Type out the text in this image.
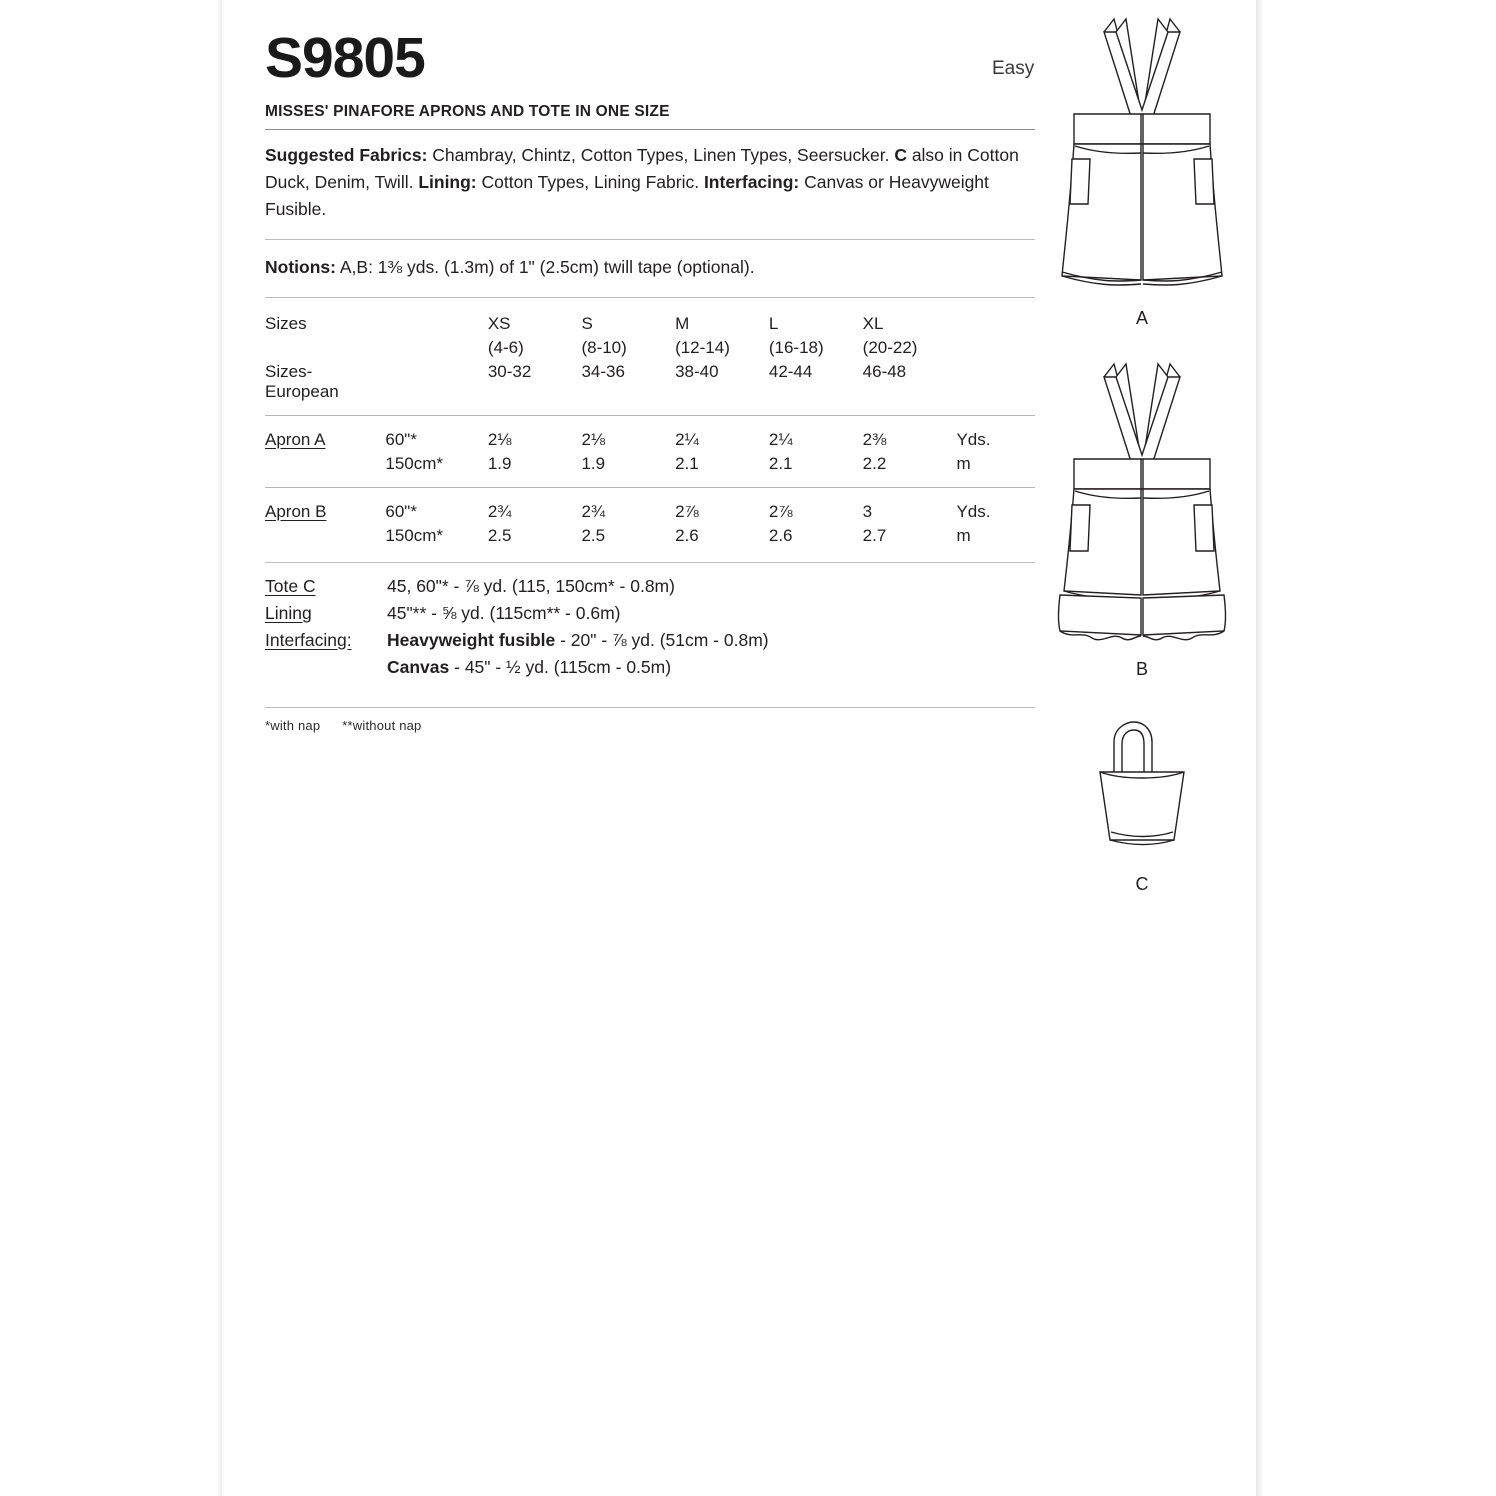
S9805
MISSES' PINAFORE APRONS AND TOTE IN ONE SIZE
Suggested Fabrics: Chambray, Chintz, Cotton Types, Linen Types, Seersucker. C also in Cotton Duck, Denim, Twill. Lining: Cotton Types, Lining Fabric. Interfacing: Canvas or Heavyweight Fusible.
Notions: A,B: 1⅜ yds. (1.3m) of 1" (2.5cm) twill tape (optional).
Sizes		XS	S	M	L	XL	
		(4-6)	(8-10)	(12-14)	(16-18)	(20-22)	
Sizes-European		30-32	34-36	38-40	42-44	46-48	

Apron A	60"*	2⅛	2⅛	2¼	2¼	2⅜	Yds.
	150cm*	1.9	1.9	2.1	2.1	2.2	m

Apron B	60"*	2¾	2¾	2⅞	2⅞	3	Yds.
	150cm*	2.5	2.5	2.6	2.6	2.7	m
Tote C	45, 60"* - ⅞ yd. (115, 150cm* - 0.8m)
Lining	45"** - ⅝ yd. (115cm** - 0.6m)
Interfacing:	Heavyweight fusible - 20" - ⅞ yd. (51cm - 0.8m)
	Canvas - 45" - ½ yd. (115cm - 0.5m)
*with nap **without nap
Easy
A
B
C
